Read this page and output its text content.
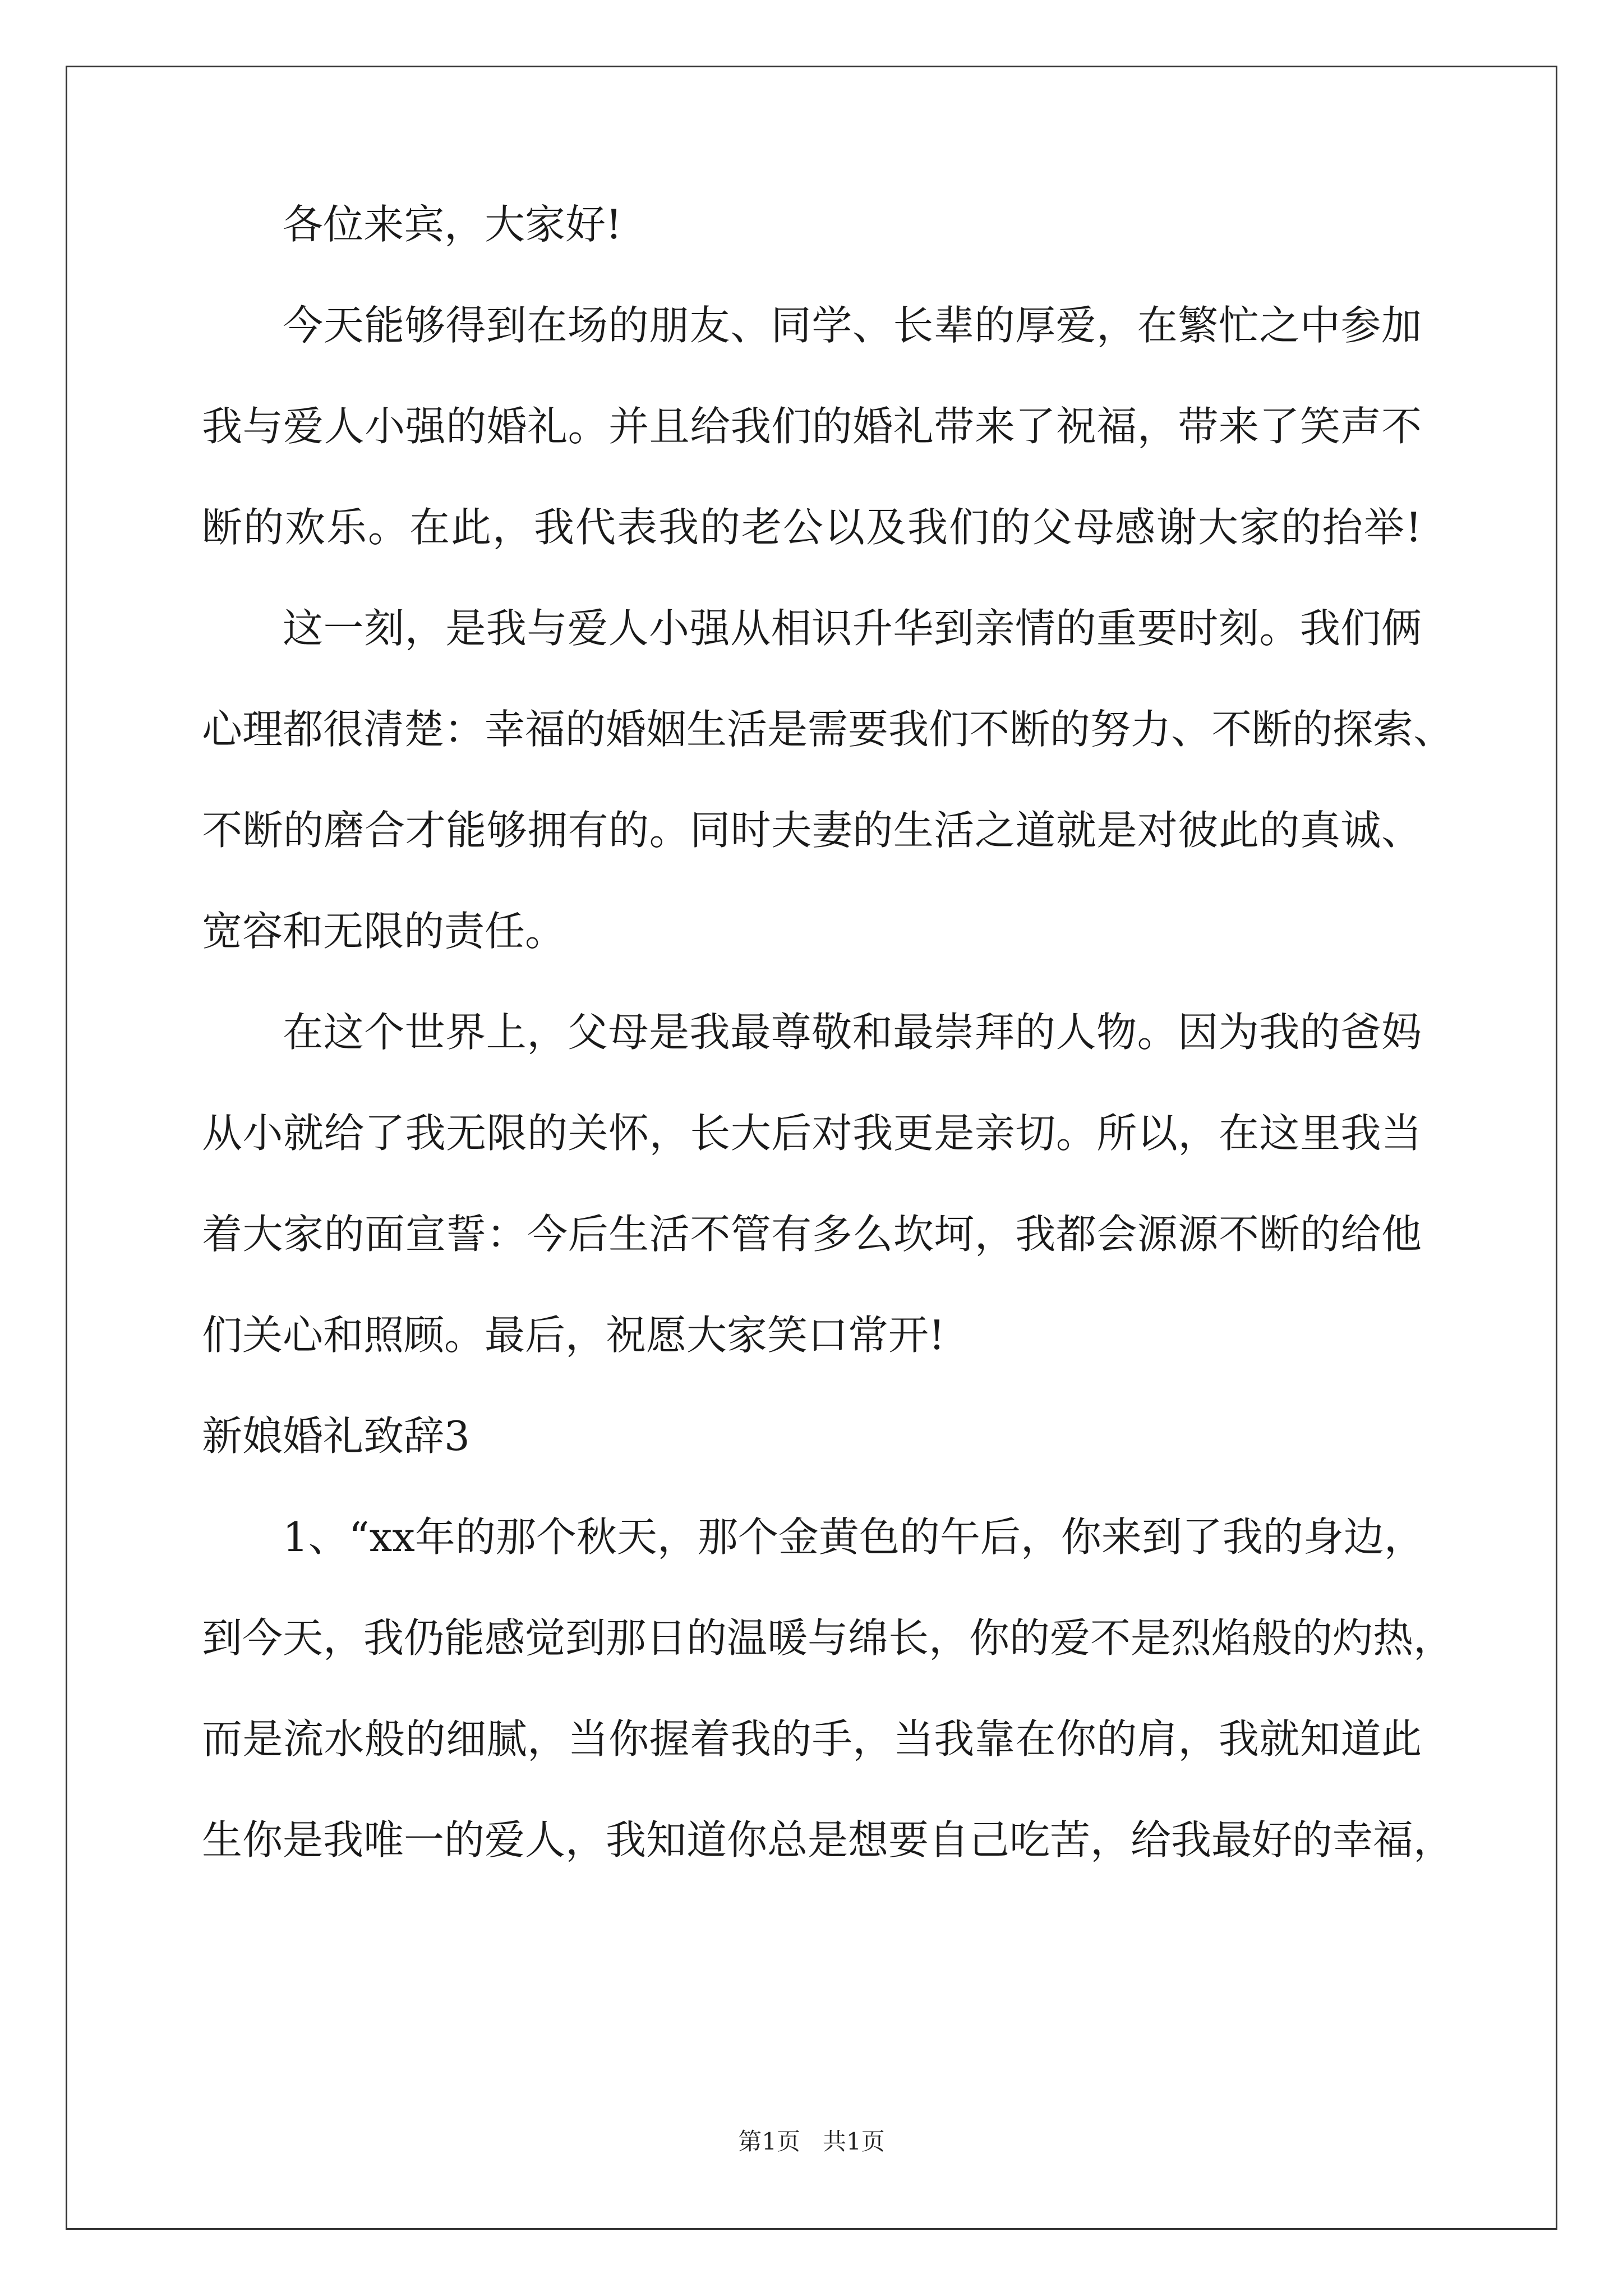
各位来宾，大家好!
今天能够得到在场的朋友、同学、长辈的厚爱，在繁忙之中参加
我与爱人小强的婚礼。并且给我们的婚礼带来了祝福，带来了笑声不
断的欢乐。在此，我代表我的老公以及我们的父母感谢大家的抬举!
这一刻，是我与爱人小强从相识升华到亲情的重要时刻。我们俩
心理都很清楚：幸福的婚姻生活是需要我们不断的努力、不断的探索、
不断的磨合才能够拥有的。同时夫妻的生活之道就是对彼此的真诚、
宽容和无限的责任。
在这个世界上，父母是我最尊敬和最崇拜的人物。因为我的爸妈
从小就给了我无限的关怀，长大后对我更是亲切。所以，在这里我当
着大家的面宣誓：今后生活不管有多么坎坷，我都会源源不断的给他
们关心和照顾。最后，祝愿大家笑口常开!
新娘婚礼致辞3
1、“xx年的那个秋天，那个金黄色的午后，你来到了我的身边，
到今天，我仍能感觉到那日的温暖与绵长，你的爱不是烈焰般的灼热，
而是流水般的细腻，当你握着我的手，当我靠在你的肩，我就知道此
生你是我唯一的爱人，我知道你总是想要自己吃苦，给我最好的幸福，
第1页   共1页
